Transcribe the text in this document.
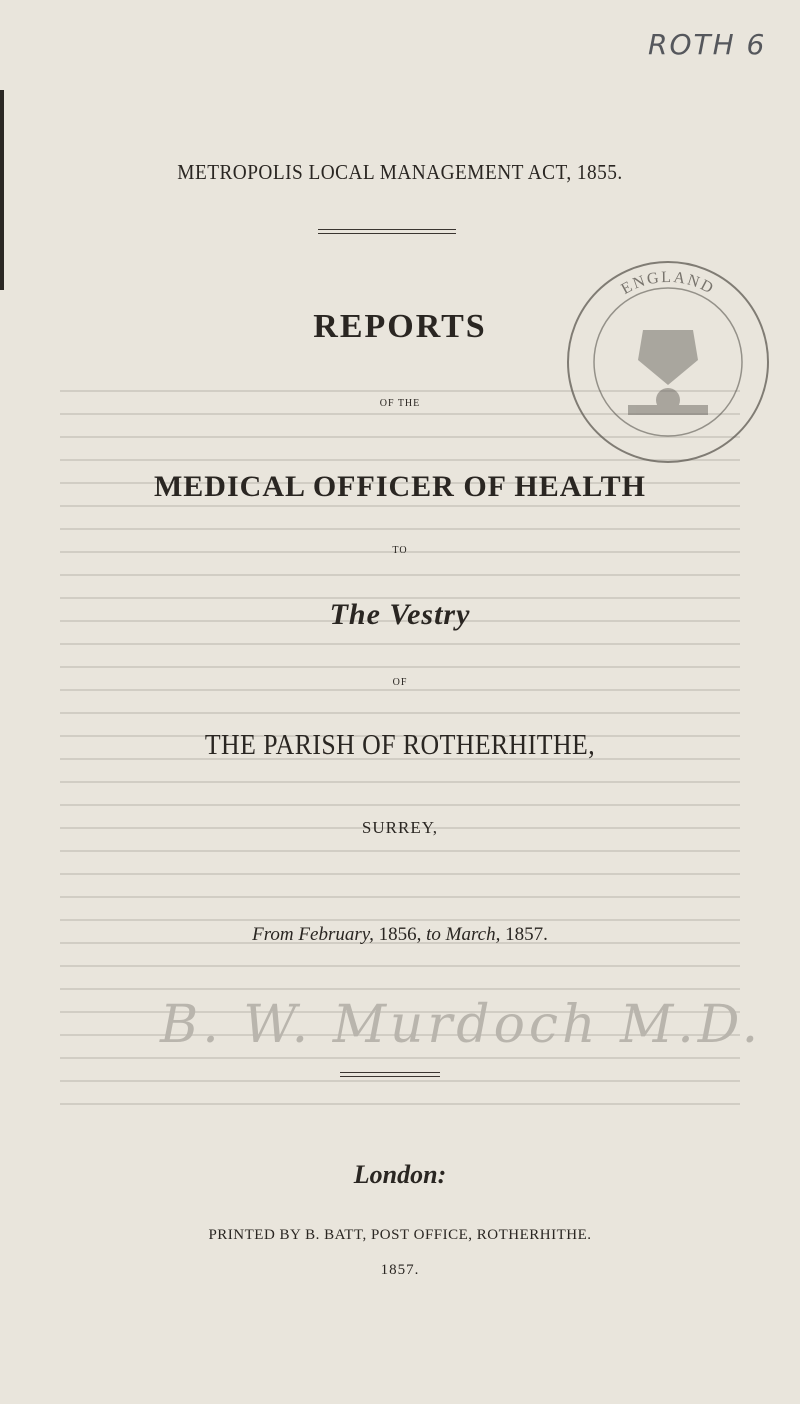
ROTH 6
METROPOLIS LOCAL MANAGEMENT ACT, 1855.
REPORTS
OF THE
MEDICAL OFFICER OF HEALTH
TO
The Vestry
OF
THE PARISH OF ROTHERHITHE,
SURREY,
From February, 1856, to March, 1857.
B. W. Murdoch M.D.
London:
PRINTED BY B. BATT, POST OFFICE, ROTHERHITHE.
1857.
ENGLAND
